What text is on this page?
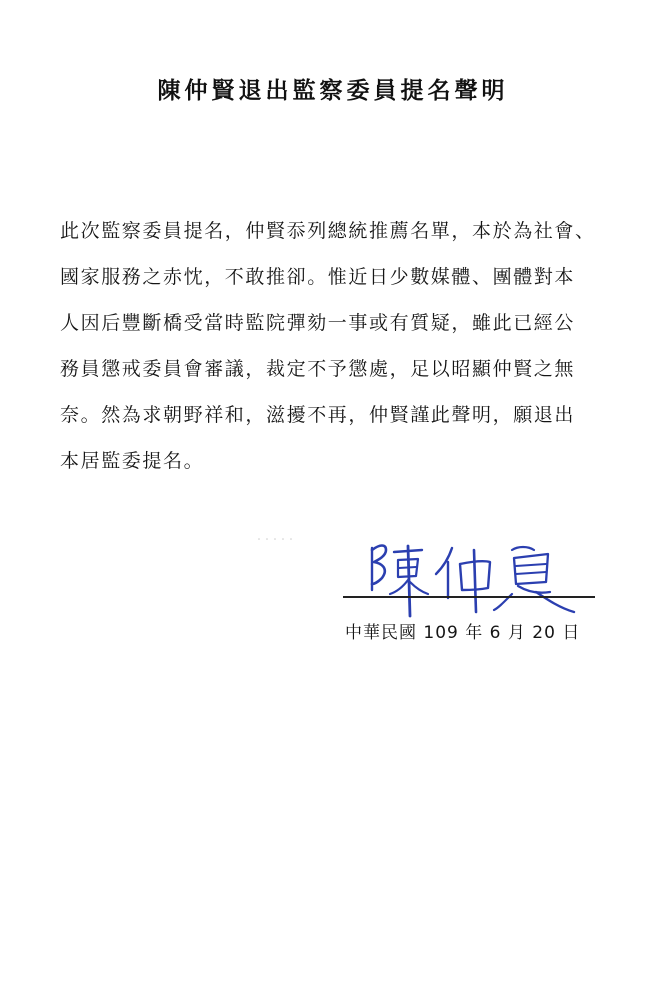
陳仲賢退出監察委員提名聲明
此次監察委員提名，仲賢忝列總統推薦名單，本於為社會、
國家服務之赤忱，不敢推卻。惟近日少數媒體、團體對本
人因后豐斷橋受當時監院彈劾一事或有質疑，雖此已經公
務員懲戒委員會審議，裁定不予懲處，足以昭顯仲賢之無
奈。然為求朝野祥和，滋擾不再，仲賢謹此聲明，願退出
本居監委提名。
中華民國 109 年 6 月 20 日
